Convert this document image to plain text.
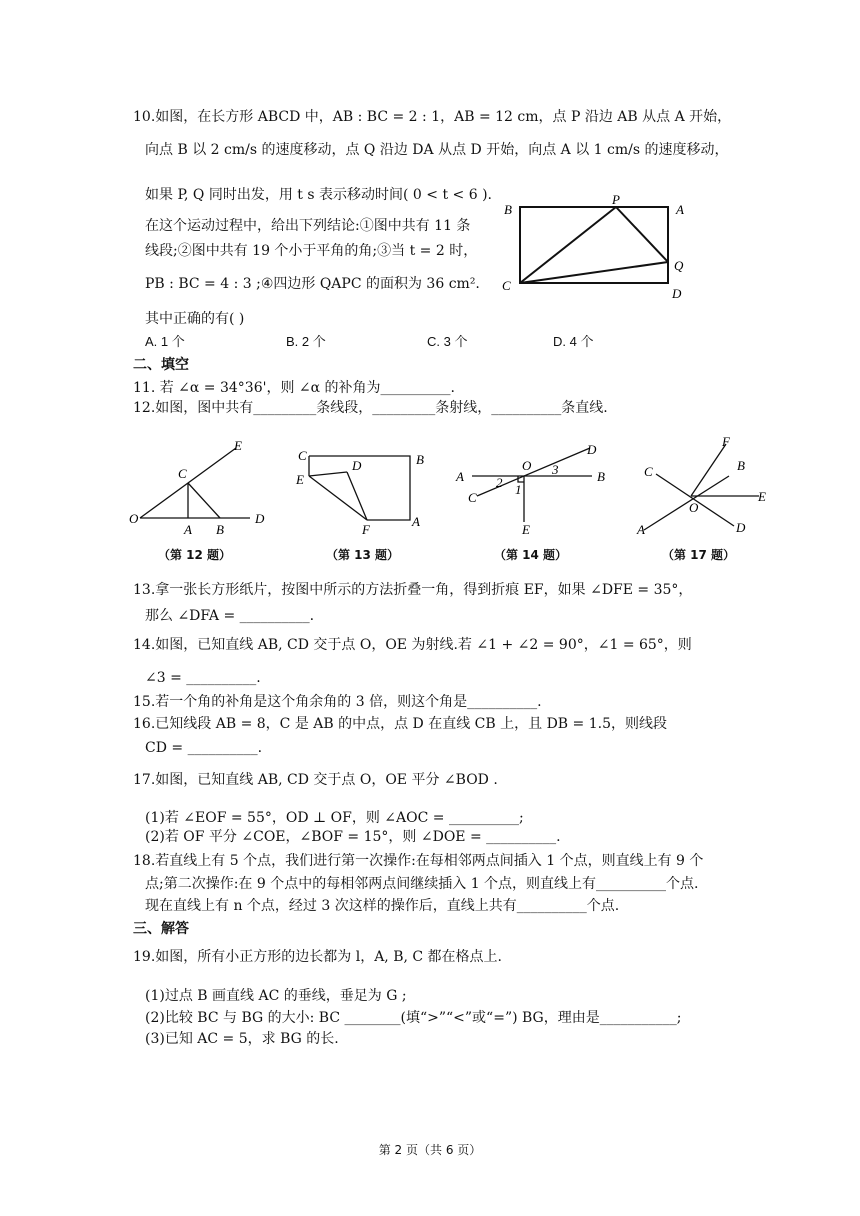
10.如图，在长方形 ABCD 中，AB : BC = 2 : 1，AB = 12 cm，点 P 沿边 AB 从点 A 开始，
向点 B 以 2 cm/s 的速度移动，点 Q 沿边 DA 从点 D 开始，向点 A 以 1 cm/s 的速度移动，
如果 P, Q 同时出发，用 t s 表示移动时间( 0 < t < 6 ).
在这个运动过程中，给出下列结论:①图中共有 11 条
线段;②图中共有 19 个小于平角的角;③当 t = 2 时，
PB : BC = 4 : 3 ;④四边形 QAPC 的面积为 36 cm².
其中正确的有( )
A. 1 个	B. 2 个	C. 3 个	D. 4 个
B
P
A
Q
C
D
二、填空
11. 若 ∠α = 34°36'，则 ∠α 的补角为__________.
12.如图，图中共有_________条线段，_________条射线，__________条直线.
E
C
O
A B
D
（第 12 题）
C
D	B
E
F
A
（第 13 题）
D
O 3
A 2 1
B
C
E
（第 14 题）
F
C	B
E
O
A	D
（第 17 题）
13.拿一张长方形纸片，按图中所示的方法折叠一角，得到折痕 EF，如果 ∠DFE = 35°，
那么 ∠DFA = __________.
14.如图，已知直线 AB, CD 交于点 O，OE 为射线.若 ∠1 + ∠2 = 90°，∠1 = 65°，则
∠3 = __________.
15.若一个角的补角是这个角余角的 3 倍，则这个角是__________.
16.已知线段 AB = 8，C 是 AB 的中点，点 D 在直线 CB 上，且 DB = 1.5，则线段
CD = __________.
17.如图，已知直线 AB, CD 交于点 O，OE 平分 ∠BOD .
(1)若 ∠EOF = 55°，OD ⊥ OF，则 ∠AOC = __________;
(2)若 OF 平分 ∠COE，∠BOF = 15°，则 ∠DOE = __________.
18.若直线上有 5 个点，我们进行第一次操作:在每相邻两点间插入 1 个点，则直线上有 9 个
点;第二次操作:在 9 个点中的每相邻两点间继续插入 1 个点，则直线上有__________个点.
现在直线上有 n 个点，经过 3 次这样的操作后，直线上共有__________个点.
三、解答
19.如图，所有小正方形的边长都为 l，A, B, C 都在格点上.
(1)过点 B 画直线 AC 的垂线，垂足为 G ;
(2)比较 BC 与 BG 的大小: BC ________(填“>”“<”或“=”) BG，理由是___________;
(3)已知 AC = 5，求 BG 的长.
第 2 页（共 6 页）
